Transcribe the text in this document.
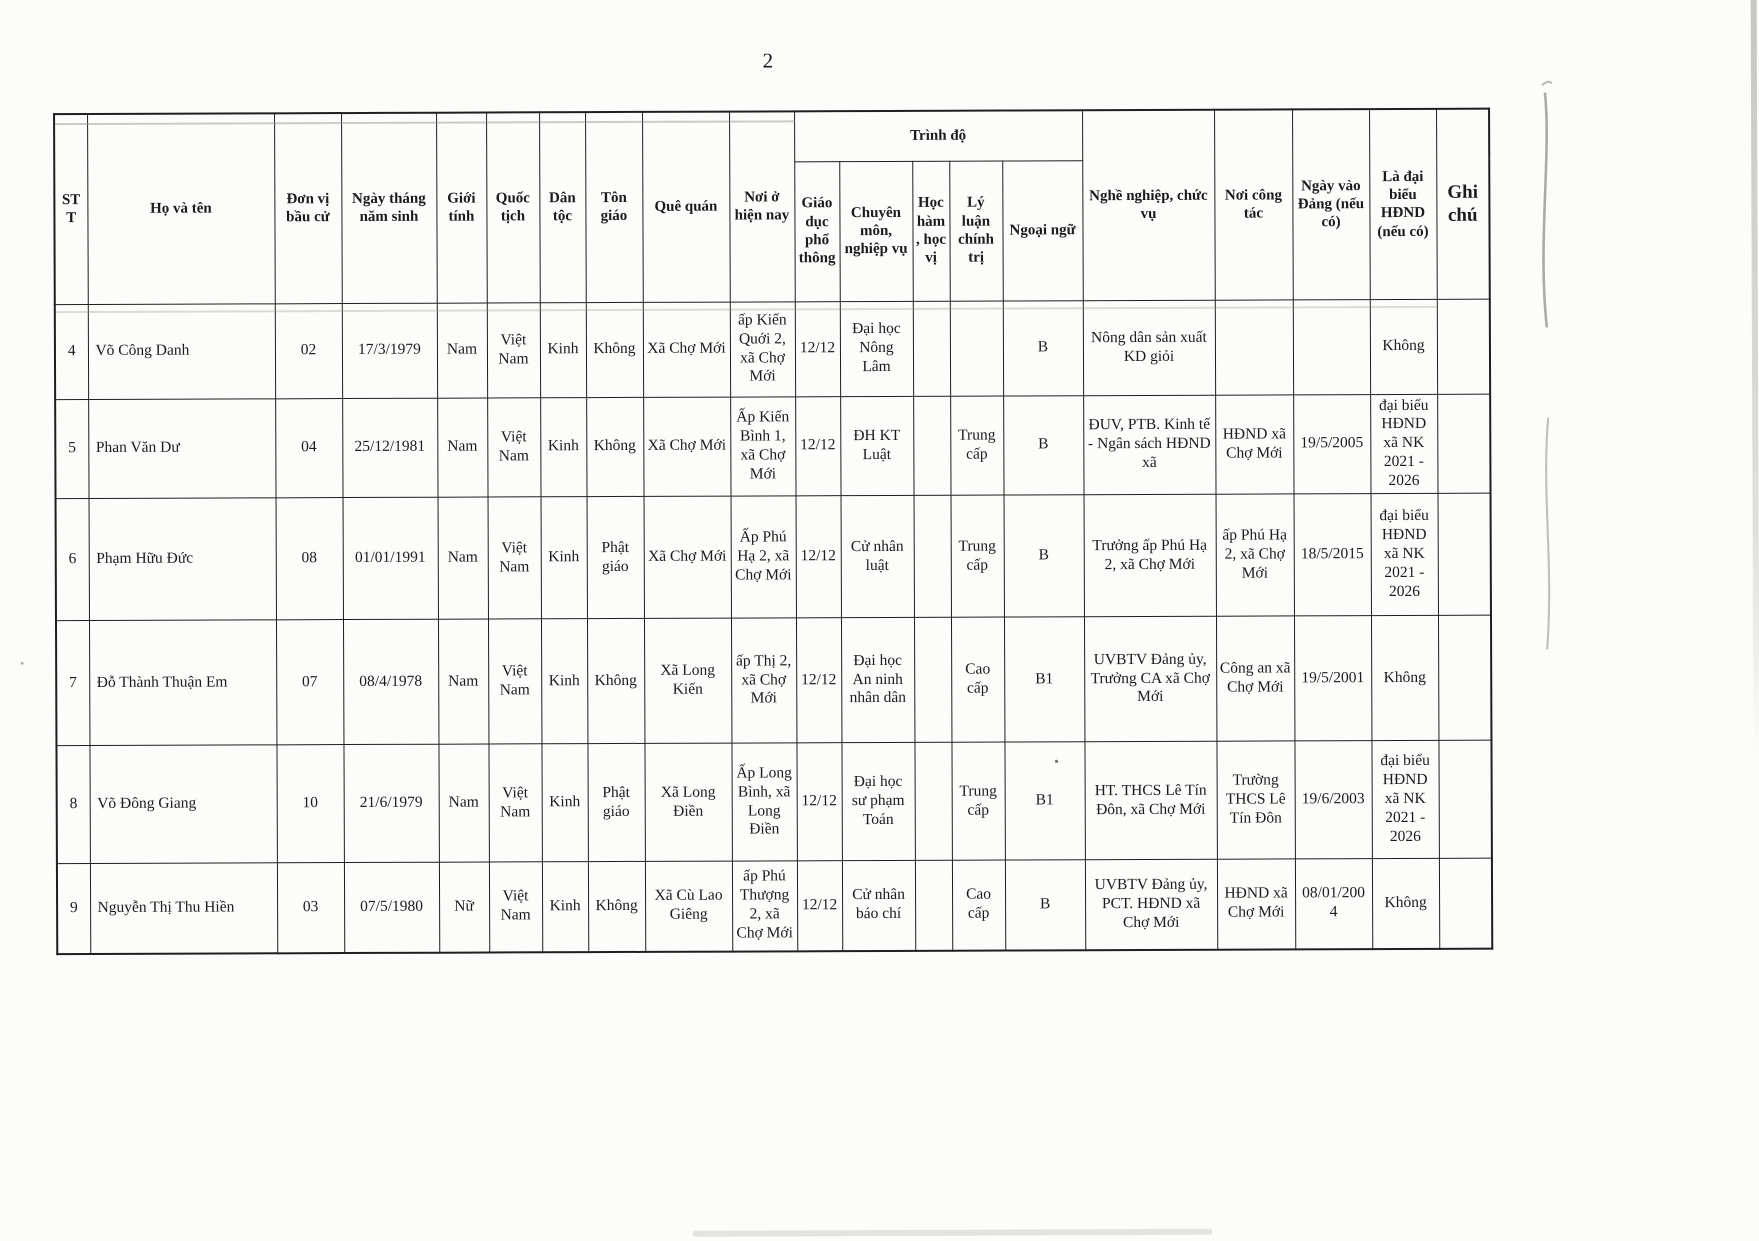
2
STT	Họ và tên	Đơn vị bầu cử	Ngày tháng năm sinh	Giới tính	Quốc tịch	Dân tộc	Tôn giáo	Quê quán	Nơi ở hiện nay	Trình độ					Nghề nghiệp, chức vụ	Nơi công tác	Ngày vào Đảng (nếu có)	Là đại biểu HĐND (nếu có)	Ghi chú
										Giáo dục phổ thông	Chuyên môn, nghiệp vụ	Học hàm, học vị	Lý luận chính trị	Ngoại ngữ					
4	Võ Công Danh	02	17/3/1979	Nam	Việt Nam	Kinh	Không	Xã Chợ Mới	ấp Kiến Quới 2, xã Chợ Mới	12/12	Đại học Nông Lâm			B	Nông dân sản xuất KD giỏi			Không	
5	Phan Văn Dư	04	25/12/1981	Nam	Việt Nam	Kinh	Không	Xã Chợ Mới	Ấp Kiến Bình 1, xã Chợ Mới	12/12	ĐH KT Luật		Trung cấp	B	ĐUV, PTB. Kinh tế - Ngân sách HĐND xã	HĐND xã Chợ Mới	19/5/2005	đại biểu HĐND xã NK 2021 - 2026	
6	Phạm Hữu Đức	08	01/01/1991	Nam	Việt Nam	Kinh	Phật giáo	Xã Chợ Mới	Ấp Phú Hạ 2, xã Chợ Mới	12/12	Cử nhân luật		Trung cấp	B	Trưởng ấp Phú Hạ 2, xã Chợ Mới	ấp Phú Hạ 2, xã Chợ Mới	18/5/2015	đại biểu HĐND xã NK 2021 - 2026	
7	Đỗ Thành Thuận Em	07	08/4/1978	Nam	Việt Nam	Kinh	Không	Xã Long Kiến	ấp Thị 2, xã Chợ Mới	12/12	Đại học An ninh nhân dân		Cao cấp	B1	UVBTV Đảng ủy, Trưởng CA xã Chợ Mới	Công an xã Chợ Mới	19/5/2001	Không	
8	Võ Đông Giang	10	21/6/1979	Nam	Việt Nam	Kinh	Phật giáo	Xã Long Điền	Ấp Long Bình, xã Long Điền	12/12	Đại học sư phạm Toán		Trung cấp	B1	HT. THCS Lê Tín Đôn, xã Chợ Mới	Trường THCS Lê Tín Đôn	19/6/2003	đại biểu HĐND xã NK 2021 - 2026	
9	Nguyễn Thị Thu Hiền	03	07/5/1980	Nữ	Việt Nam	Kinh	Không	Xã Cù Lao Giêng	ấp Phú Thượng 2, xã Chợ Mới	12/12	Cử nhân báo chí		Cao cấp	B	UVBTV Đảng ủy, PCT. HĐND xã Chợ Mới	HĐND xã Chợ Mới	08/01/2004	Không	
